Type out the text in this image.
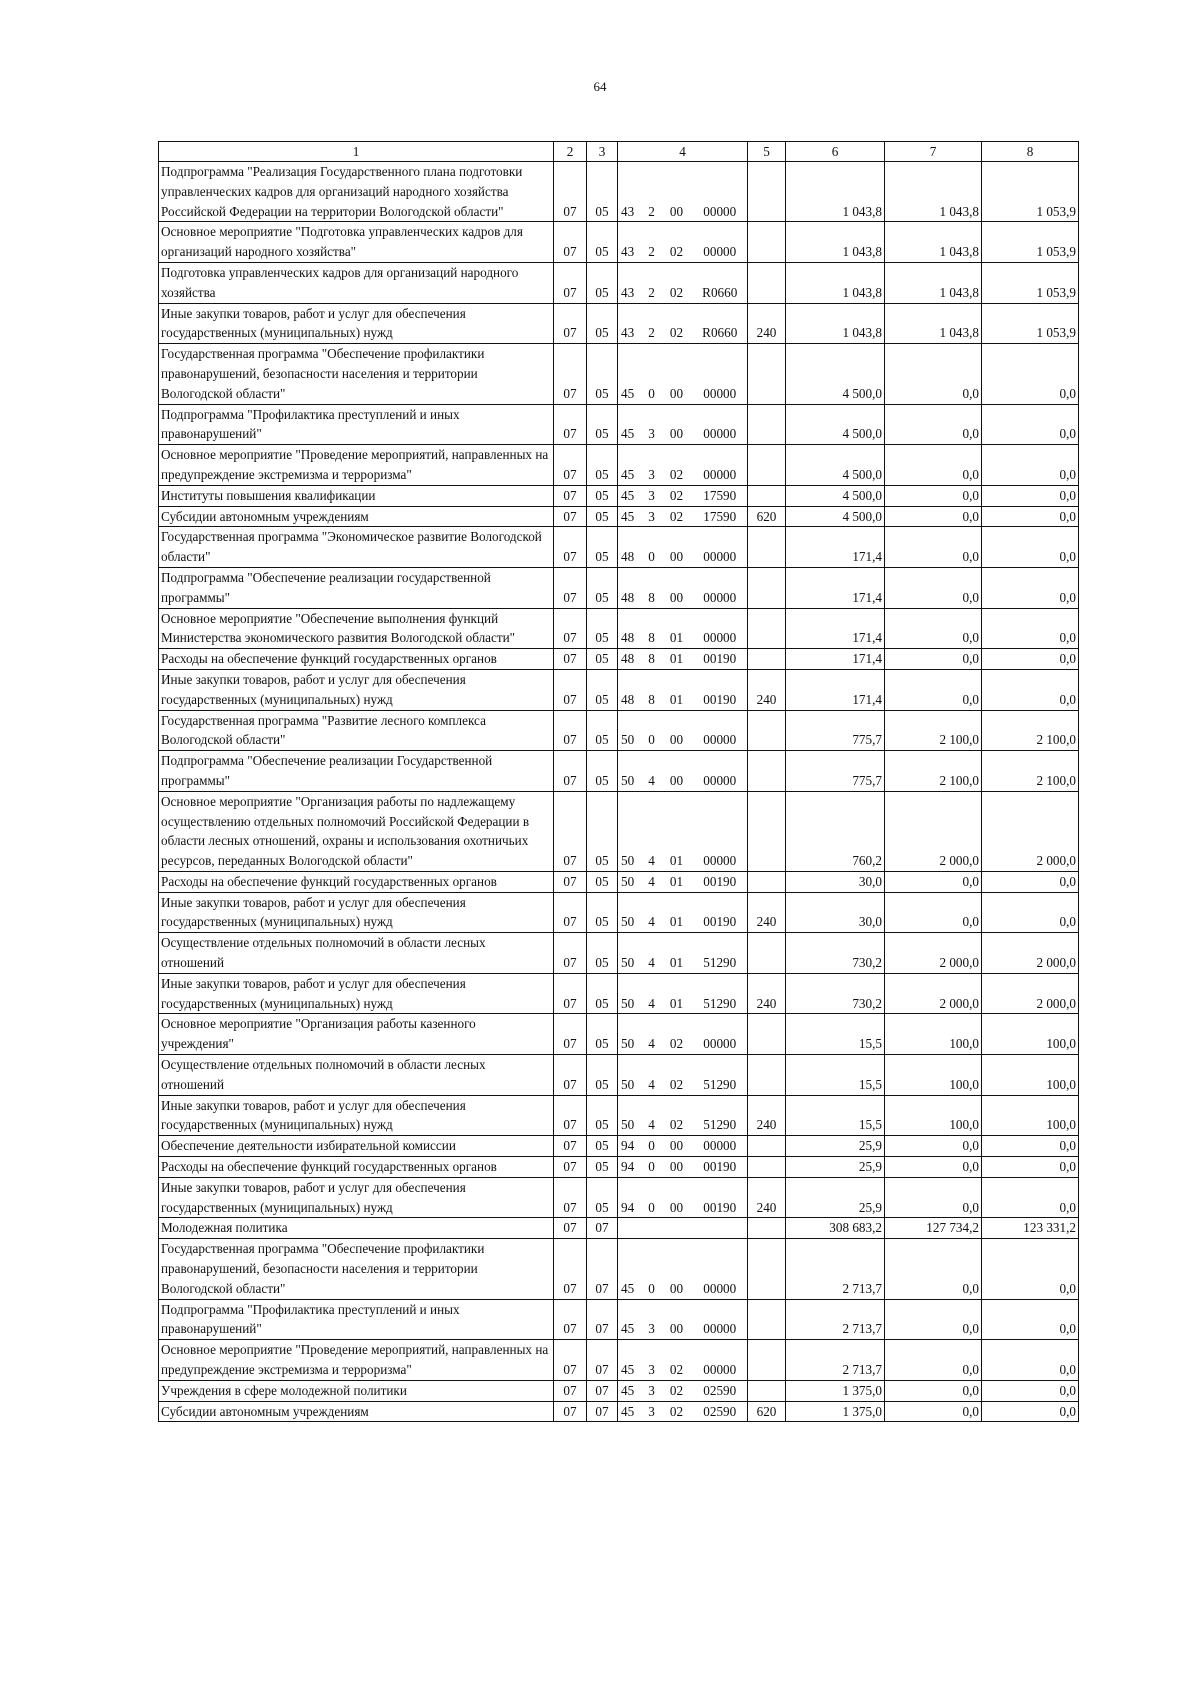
64
1	2	3	4				5	6	7	8
Подпрограмма "Реализация Государственного плана подготовки управленческих кадров для организаций народного хозяйства Российской Федерации на территории Вологодской области"	07	05	43	2	00	00000		1 043,8	1 043,8	1 053,9
Основное мероприятие "Подготовка управленческих кадров для организаций народного хозяйства"	07	05	43	2	02	00000		1 043,8	1 043,8	1 053,9
Подготовка управленческих кадров для организаций народного хозяйства	07	05	43	2	02	R0660		1 043,8	1 043,8	1 053,9
Иные закупки товаров, работ и услуг для обеспечения государственных (муниципальных) нужд	07	05	43	2	02	R0660	240	1 043,8	1 043,8	1 053,9
Государственная программа "Обеспечение профилактики правонарушений, безопасности населения и территории Вологодской области"	07	05	45	0	00	00000		4 500,0	0,0	0,0
Подпрограмма "Профилактика преступлений и иных правонарушений"	07	05	45	3	00	00000		4 500,0	0,0	0,0
Основное мероприятие "Проведение мероприятий, направленных на предупреждение экстремизма и терроризма"	07	05	45	3	02	00000		4 500,0	0,0	0,0
Институты повышения квалификации	07	05	45	3	02	17590		4 500,0	0,0	0,0
Субсидии автономным учреждениям	07	05	45	3	02	17590	620	4 500,0	0,0	0,0
Государственная программа "Экономическое развитие Вологодской области"	07	05	48	0	00	00000		171,4	0,0	0,0
Подпрограмма "Обеспечение реализации государственной программы"	07	05	48	8	00	00000		171,4	0,0	0,0
Основное мероприятие "Обеспечение выполнения функций Министерства экономического развития Вологодской области"	07	05	48	8	01	00000		171,4	0,0	0,0
Расходы на обеспечение функций государственных органов	07	05	48	8	01	00190		171,4	0,0	0,0
Иные закупки товаров, работ и услуг для обеспечения государственных (муниципальных) нужд	07	05	48	8	01	00190	240	171,4	0,0	0,0
Государственная программа "Развитие лесного комплекса Вологодской области"	07	05	50	0	00	00000		775,7	2 100,0	2 100,0
Подпрограмма "Обеспечение реализации Государственной программы"	07	05	50	4	00	00000		775,7	2 100,0	2 100,0
Основное мероприятие "Организация работы по надлежащему осуществлению отдельных полномочий Российской Федерации в области лесных отношений, охраны и использования охотничьих ресурсов, переданных Вологодской области"	07	05	50	4	01	00000		760,2	2 000,0	2 000,0
Расходы на обеспечение функций государственных органов	07	05	50	4	01	00190		30,0	0,0	0,0
Иные закупки товаров, работ и услуг для обеспечения государственных (муниципальных) нужд	07	05	50	4	01	00190	240	30,0	0,0	0,0
Осуществление отдельных полномочий в области лесных отношений	07	05	50	4	01	51290		730,2	2 000,0	2 000,0
Иные закупки товаров, работ и услуг для обеспечения государственных (муниципальных) нужд	07	05	50	4	01	51290	240	730,2	2 000,0	2 000,0
Основное мероприятие "Организация работы казенного учреждения"	07	05	50	4	02	00000		15,5	100,0	100,0
Осуществление отдельных полномочий в области лесных отношений	07	05	50	4	02	51290		15,5	100,0	100,0
Иные закупки товаров, работ и услуг для обеспечения государственных (муниципальных) нужд	07	05	50	4	02	51290	240	15,5	100,0	100,0
Обеспечение деятельности избирательной комиссии	07	05	94	0	00	00000		25,9	0,0	0,0
Расходы на обеспечение функций государственных органов	07	05	94	0	00	00190		25,9	0,0	0,0
Иные закупки товаров, работ и услуг для обеспечения государственных (муниципальных) нужд	07	05	94	0	00	00190	240	25,9	0,0	0,0
Молодежная политика	07	07						308 683,2	127 734,2	123 331,2
Государственная программа "Обеспечение профилактики правонарушений, безопасности населения и территории Вологодской области"	07	07	45	0	00	00000		2 713,7	0,0	0,0
Подпрограмма "Профилактика преступлений и иных правонарушений"	07	07	45	3	00	00000		2 713,7	0,0	0,0
Основное мероприятие "Проведение мероприятий, направленных на предупреждение экстремизма и терроризма"	07	07	45	3	02	00000		2 713,7	0,0	0,0
Учреждения в сфере молодежной политики	07	07	45	3	02	02590		1 375,0	0,0	0,0
Субсидии автономным учреждениям	07	07	45	3	02	02590	620	1 375,0	0,0	0,0
